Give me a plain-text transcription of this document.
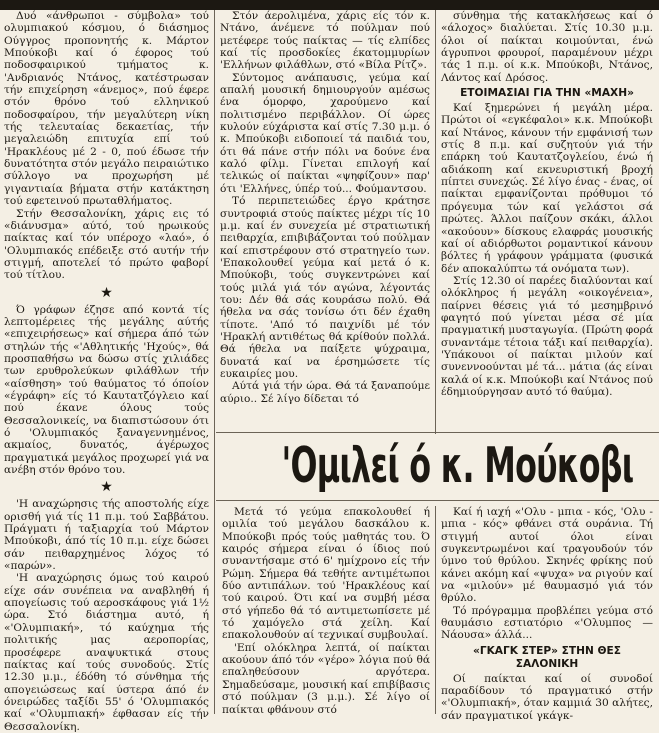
Δυό «άνθρωποι - σύμβολα» τού ολυμπιακού κόσμου, ό διάσημος Ούγγρος προπονητής κ. Μάρτον Μπούκοβι καί ό έφορος τού ποδοσφαιρικού τμήματος κ. 'Ανδριανός Ντάνος, κατέστρωσαν τήν επιχείρηση «άνεμος», πού έφερε στόν θρόνο τού ελληνικού ποδοσφαίρου, τήν μεγαλύτερη νίκη τής τελευταίας δεκαετίας, τήν μεγαλειώδη επιτυχία επί τού 'Ηρακλέους μέ 2 - 0, πού έδωσε τήν δυνατότητα στόν μεγάλο πειραιώτικο σύλλογο να προχωρήση μέ γιγαντιαία βήματα στήν κατάκτηση τού εφετεινού πρωταθλήματος.

Στήν Θεσσαλονίκη, χάρις εις τό «διάνυσμα» αύτό, τού ηρωικούς παίκτας καί τόν υπέροχο «λαό», ό 'Ολυμπιακός επέδειξε στό αυτήν τήν στιγμή, αποτελεί τό πρώτο φαβορί τού τίτλου.

★

Ό γράφων έζησε από κοντά τίς λεπτομέρειες τής μεγάλης αύτής «επιχειρήσεως» καί σήμερα άπό τών στηλών τής «'Αθλητικής 'Ηχούς», θά προσπαθήσω να δώσω στίς χιλιάδες των ερυθρολεύκων φιλάθλων τήν «αίσθηση» τού θαύματος τό όποίον «έγράφη» είς τό Καυτατζόγλειο καί πού έκανε όλους τούς Θεσσαλονικείς, να διαπιστώσουν ότι ό 'Ολυμπιακός ξαναγεννημένος, ακμαίος, δυνατός, άγέρωχος πραγματικά μεγάλος προχωρεί γιά να ανέβη στόν θρόνο του.

★

'Η αναχώρησις τής αποστολής είχε ορισθή γιά τίς 11 π.μ. τού Σαββάτου. Πράγματι ή ταξιαρχία τού Μάρτον Μπούκοβι, άπό τίς 10 π.μ. είχε δώσει σάν πειθαρχημένος λόχος τό «παρών».

'Η αναχώρησις όμως τού καιρού είχε σάν συνέπεια να αναβληθή ή απογείωσις τού αεροσκάφους γιά 1½ ώρα. Στό διάστημα αυτό, ή «'Ολυμπιακή», τό καύχημα τής πολιτικής μας αεροπορίας, προσέφερε αναψυκτικά στους παίκτας καί τούς συνοδούς. Στίς 12.30 μ.μ., έδόθη τό σύνθημα τής απογειώσεως καί ύστερα άπό έν όνειρώδες ταξίδι 55' ό 'Ολυμπιακός καί «'Ολυμπιακή» έφθασαν είς τήν Θεσσαλονίκη.

Στόν άερολιμένα, χάρις είς τόν κ. Ντάνο, άνέμενε τό πούλμαν πού μετέφερε τούς παίκτας — τίς ελπίδες καί τίς προσδοκίες έκατομμυρίων 'Ελλήνων φιλάθλων, στό «Βίλα Ρίτζ».

Σύντομος ανάπαυσις, γεύμα καί απαλή μουσική δημιουργούν αμέσως ένα όμορφο, χαρούμενο καί πολιτισμένο περιβάλλον. Οί ώρες κυλούν εύχάριστα καί στίς 7.30 μ.μ. ό κ. Μπούκοβι ειδοποιεί τά παιδιά του, ότι θά πάνε στήν πόλι να δούνε ένα καλό φίλμ. Γίνεται επιλογή καί τελικώς οί παίκται «ψηφίζουν» παρ' ότι 'Ελλήνες, ύπέρ τού... Φούμαντσου.

Τό περιπετειώδες έργο κράτησε συντροφιά στούς παίκτες μέχρι τίς 10 μ.μ. καί έν συνεχεία μέ στρατιωτική πειθαρχία, επιβιβάζονται τού πούλμαν καί επιστρέφουν στό στρατηγείο των. 'Επακολουθεί γεύμα καί μετά ό κ. Μπούκοβι, τούς συγκεντρώνει καί τούς μιλά γιά τόν αγώνα, λέγοντάς του: Δέν θά σάς κουράσω πολύ. Θά ήθελα να σάς τονίσω ότι δέν έχαθη τίποτε. 'Από τό παιχνίδι μέ τόν 'Ηρακλή αντιθέτως θά κρίθούν πολλά. Θά ήθελα να παίξετε ψύχραιμα, δυνατά καί να έρσημώσετε τίς ευκαιρίες μου.

Αύτά γιά τήν ώρα. Θά τά ξαναπούμε αύριο.. Σέ λίγο δίδεται τό

σύνθημα τής κατακλήσεως καί ό «άλοχος» διαλύεται. Στίς 10.30 μ.μ. όλοι οί παίκται κοιμούνται, ένώ άγρυπνοι φρουροί, παραμένουν μέχρι τάς 1 π.μ. οί κ.κ. Μπούκοβι, Ντάνος, Λάντος καί Δρόσος.

ΕΤΟΙΜΑΣΙΑΙ ΓΙΑ ΤΗΝ «ΜΑΧΗ»

Καί ξημερώνει ή μεγάλη μέρα. Πρώτοι οί «εγκέφαλοι» κ.κ. Μπούκοβι καί Ντάνος, κάνουν τήν εμφάνισή των στίς 8 π.μ. καί συζητούν γιά τήν επάρκη τού Καυτατζογλείου, ένώ ή αδιάκοπη καί εκνευριστική βροχή πίπτει συνεχώς. Σέ λίγο ένας - ένας, οί παίκται εμφανίζονται πρόθυμοι τό πρόγευμα τών καί γελάστοι σά πρώτες. Άλλοι παίζουν σκάκι, άλλοι «ακούουν» δίσκους ελαφράς μουσικής καί οί αδιόρθωτοι ρομαντικοί κάνουν βόλτες ή γράφουν γράμματα (φυσικά δέν αποκαλύπτω τά ονόματα των).

Στίς 12.30 οί παρέες διαλύονται καί ολόκληρος ή μεγάλη «οικογένεια», παίρνει θέσεις γιά τό μεσημβρινό φαγητό πού γίνεται μέσα σέ μία πραγματική μυσταγωγία. (Πρώτη φορά συναντάμε τέτοια τάξι καί πειθαρχία). 'Υπάκουοι οί παίκται μιλούν καί συνεννοούνται μέ τά... μάτια (άς είναι καλά οί κ.κ. Μπούκοβι καί Ντάνος πού έδημιούργησαν αυτό τό θαύμα).

'Ομιλεί ό κ. Μούκοβι

Μετά τό γεύμα επακολουθεί ή ομιλία τού μεγάλου δασκάλου κ. Μπούκοβι πρός τούς μαθητάς του. Ό καιρός σήμερα είναι ό ίδιος πού συναντήσαμε στό 6' ημίχρονο είς τήν Ρώμη. Σήμερα θά τεθήτε αντιμέτωποι δύο αντιπάλων. τού 'Ηρακλέους καί τού καιρού. Ότι καί να συμβή μέσα στό γήπεδο θά τό αντιμετωπίσετε μέ τό χαμόγελο στά χείλη. Καί επακολουθούν αί τεχνικαί συμβουλαί.

'Επί ολόκληρα λεπτά, οί παίκται ακούουν άπό τόν «γέρο» λόγια πού θά επαληθεύσουν αργότερα. Σημαδεύσαμε, μουσική καί επιβίβασις στό πούλμαν (3 μ.μ.). Σέ λίγο οί παίκται φθάνουν στό

Καί ή ιαχή «'Ολυ - μπια - κός, 'Ολυ - μπια - κός» φθάνει στά ουράνια. Τή στιγμή αυτοί όλοι είναι συγκεντρωμένοι καί τραγουδούν τόν ύμνο τού θρύλου. Σκηνές φρίκης πού κάνει ακόμη καί «ψυχα» να ριγούν καί να «μιλούν» μέ θαυμασμό γιά τόν θρύλο.

Τό πρόγραμμα προβλέπει γεύμα στό θαυμάσιο εστιατόριο «'Ολυμπος — Νάουσα» άλλά...

«ΓΚΑΓΚ ΣΤΕΡ» ΣΤΗΝ ΘΕΣ ΣΑΛΟΝΙΚΗ

Οί παίκται καί οί συνοδοί παραδίδουν τό πραγματικό στήν «'Ολυμπιακή», όταν καμμιά 30 αλήτες, σάν πραγματικοί γκάγκ-
